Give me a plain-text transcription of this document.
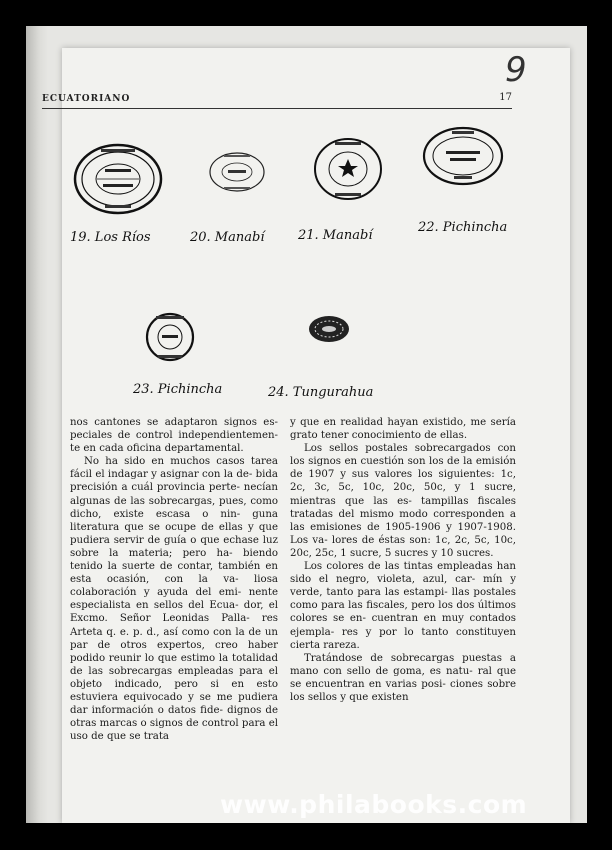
ECUATORIANO	17
9
19. Los Ríos	20. Manabí	21. Manabí
22. Pichincha
23. Pichincha	24. Tungurahua

nos cantones se adaptaron signos es- peciales de control independientemen- te en cada oficina departamental.

No ha sido en muchos casos tarea fácil el indagar y asignar con la de- bida precisión a cuál provincia perte- necían algunas de las sobrecargas, pues, como dicho, existe escasa o nin- guna literatura que se ocupe de ellas y que pudiera servir de guía o que echase luz sobre la materia; pero ha- biendo tenido la suerte de contar, también en esta ocasión, con la va- liosa colaboración y ayuda del emi- nente especialista en sellos del Ecua- dor, el Excmo. Señor Leonidas Palla- res Arteta q. e. p. d., así como con la de un par de otros expertos, creo haber podido reunir lo que estimo la totalidad de las sobrecargas empleadas para el objeto indicado, pero si en esto estuviera equivocado y se me pudiera dar información o datos fide- dignos de otras marcas o signos de control para el uso de que se trata

y que en realidad hayan existido, me sería grato tener conocimiento de ellas.

Los sellos postales sobrecargados con los signos en cuestión son los de la emisión de 1907 y sus valores los siguientes: 1c, 2c, 3c, 5c, 10c, 20c, 50c, y 1 sucre, mientras que las es- tampillas fiscales tratadas del mismo modo corresponden a las emisiones de 1905-1906 y 1907-1908. Los va- lores de éstas son: 1c, 2c, 5c, 10c, 20c, 25c, 1 sucre, 5 sucres y 10 sucres.

Los colores de las tintas empleadas han sido el negro, violeta, azul, car- mín y verde, tanto para las estampi- llas postales como para las fiscales, pero los dos últimos colores se en- cuentran en muy contados ejempla- res y por lo tanto constituyen cierta rareza.

Tratándose de sobrecargas puestas a mano con sello de goma, es natu- ral que se encuentran en varias posi- ciones sobre los sellos y que existen

www.philabooks.com
